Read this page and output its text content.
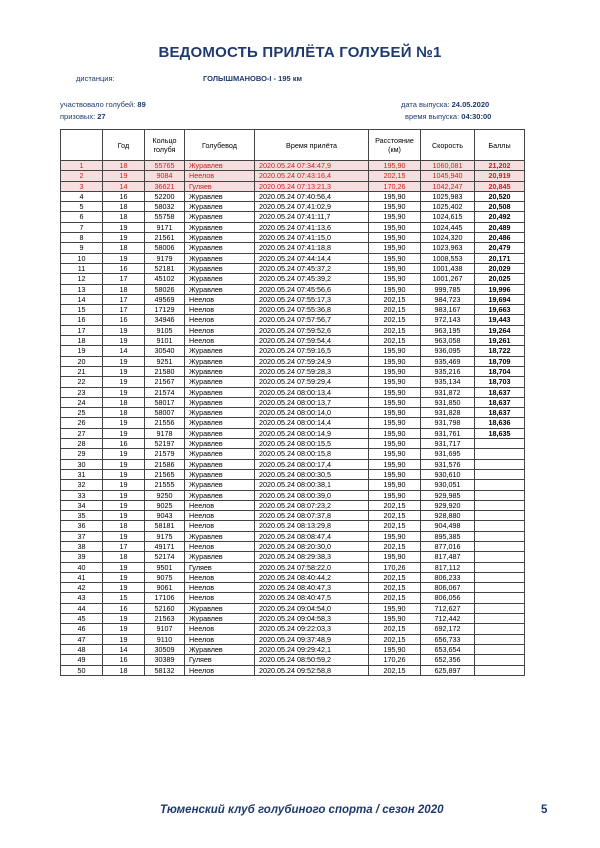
ВЕДОМОСТЬ ПРИЛЁТА ГОЛУБЕЙ №1
дистанция:	ГОЛЫШМАНОВО-I - 195 км
участвовало голубей: 89
призовых: 27
дата выпуска: 24.05.2020
время выпуска: 04:30:00
	Год	Кольцо голубя	Голубевод	Время прилёта	Расстояние (км)	Скорость	Баллы
1	18	55765	Журавлев	2020.05.24 07:34:47,9	195,90	1060,081	21,202
2	19	9084	Неелов	2020.05.24 07:43:16,4	202,15	1045,940	20,919
3	14	36621	Гуляев	2020.05.24 07:13:21,3	170,26	1042,247	20,845
4	16	52200	Журавлев	2020.05.24 07:40:56,4	195,90	1025,983	20,520
5	18	58032	Журавлев	2020.05.24 07:41:02,9	195,90	1025,402	20,508
6	18	55758	Журавлев	2020.05.24 07:41:11,7	195,90	1024,615	20,492
7	19	9171	Журавлев	2020.05.24 07:41:13,6	195,90	1024,445	20,489
8	19	21561	Журавлев	2020.05.24 07:41:15,0	195,90	1024,320	20,486
9	18	58006	Журавлев	2020.05.24 07:41:18,8	195,90	1023,963	20,479
10	19	9179	Журавлев	2020.05.24 07:44:14,4	195,90	1008,553	20,171
11	16	52181	Журавлев	2020.05.24 07:45:37,2	195,90	1001,438	20,029
12	17	45102	Журавлев	2020.05.24 07:45:39,2	195,90	1001,267	20,025
13	18	58026	Журавлев	2020.05.24 07:45:56,6	195,90	999,785	19,996
14	17	49569	Неелов	2020.05.24 07:55:17,3	202,15	984,723	19,694
15	17	17129	Неелов	2020.05.24 07:55:36,8	202,15	983,167	19,663
16	16	34946	Неелов	2020.05.24 07:57:56,7	202,15	972,143	19,443
17	19	9105	Неелов	2020.05.24 07:59:52,6	202,15	963,195	19,264
18	19	9101	Неелов	2020.05.24 07:59:54,4	202,15	963,058	19,261
19	14	30540	Журавлев	2020.05.24 07:59:16,5	195,90	936,095	18,722
20	19	9251	Журавлев	2020.05.24 07:59:24,9	195,90	935,469	18,709
21	19	21580	Журавлев	2020.05.24 07:59:28,3	195,90	935,216	18,704
22	19	21567	Журавлев	2020.05.24 07:59:29,4	195,90	935,134	18,703
23	19	21574	Журавлев	2020.05.24 08:00:13,4	195,90	931,872	18,637
24	18	58017	Журавлев	2020.05.24 08:00:13,7	195,90	931,850	18,637
25	18	58007	Журавлев	2020.05.24 08:00:14,0	195,90	931,828	18,637
26	19	21556	Журавлев	2020.05.24 08:00:14,4	195,90	931,798	18,636
27	19	9178	Журавлев	2020.05.24 08:00:14,9	195,90	931,761	18,635
28	16	52197	Журавлев	2020.05.24 08:00:15,5	195,90	931,717	
29	19	21579	Журавлев	2020.05.24 08:00:15,8	195,90	931,695	
30	19	21586	Журавлев	2020.05.24 08:00:17,4	195,90	931,576	
31	19	21565	Журавлев	2020.05.24 08:00:30,5	195,90	930,610	
32	19	21555	Журавлев	2020.05.24 08:00:38,1	195,90	930,051	
33	19	9250	Журавлев	2020.05.24 08:00:39,0	195,90	929,985	
34	19	9025	Неелов	2020.05.24 08:07:23,2	202,15	929,920	
35	19	9043	Неелов	2020.05.24 08:07:37,8	202,15	928,880	
36	18	58181	Неелов	2020.05.24 08:13:29,8	202,15	904,498	
37	19	9175	Журавлев	2020.05.24 08:08:47,4	195,90	895,385	
38	17	49171	Неелов	2020.05.24 08:20:30,0	202,15	877,016	
39	18	52174	Журавлев	2020.05.24 08:29:38,3	195,90	817,487	
40	19	9501	Гуляев	2020.05.24 07:58:22,0	170,26	817,112	
41	19	9075	Неелов	2020.05.24 08:40:44,2	202,15	806,233	
42	19	9061	Неелов	2020.05.24 08:40:47,3	202,15	806,067	
43	15	17106	Неелов	2020.05.24 08:40:47,5	202,15	806,056	
44	16	52160	Журавлев	2020.05.24 09:04:54,0	195,90	712,627	
45	19	21563	Журавлев	2020.05.24 09:04:58,3	195,90	712,442	
46	19	9107	Неелов	2020.05.24 09:22:03,3	202,15	692,172	
47	19	9110	Неелов	2020.05.24 09:37:48,9	202,15	656,733	
48	14	30509	Журавлев	2020.05.24 09:29:42,1	195,90	653,654	
49	16	30389	Гуляев	2020.05.24 08:50:59,2	170,26	652,356	
50	18	58132	Неелов	2020.05.24 09:52:58,8	202,15	625,897	
Тюменский клуб голубиного спорта / сезон 2020	5
